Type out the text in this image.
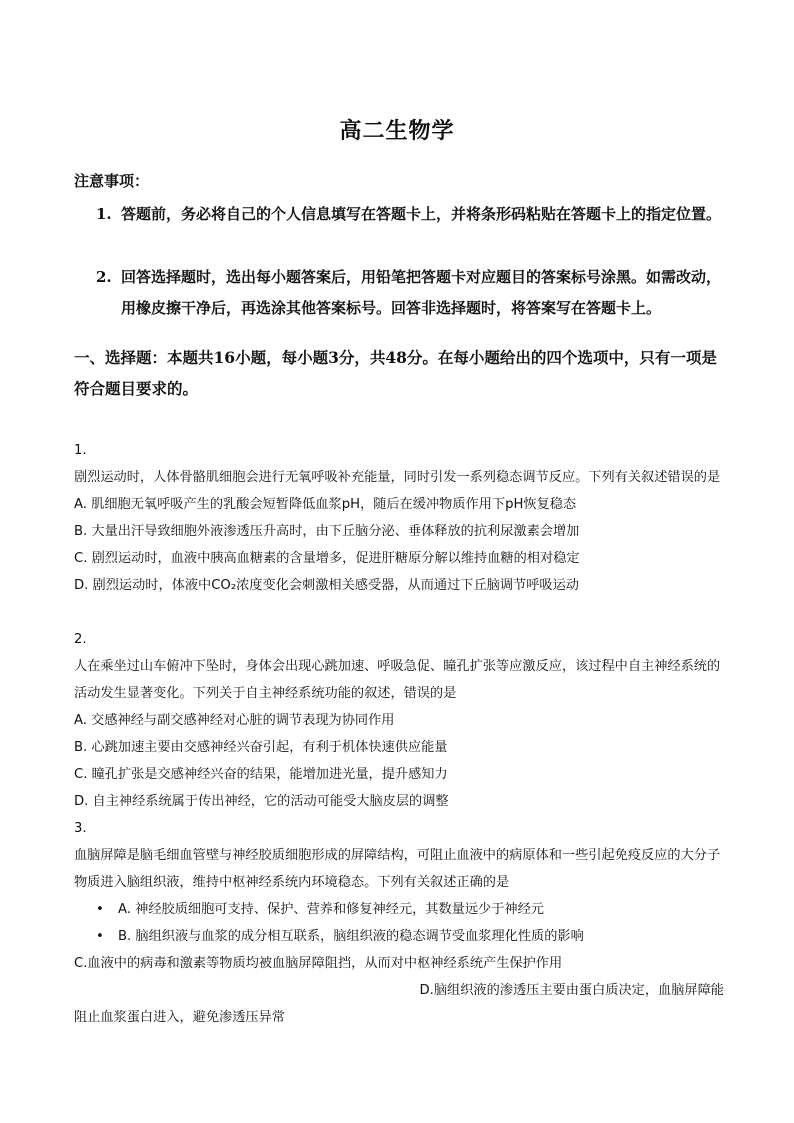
高二生物学
注意事项：
1. 答题前，务必将自己的个人信息填写在答题卡上，并将条形码粘贴在答题卡上的指定位置。
2. 回答选择题时，选出每小题答案后，用铅笔把答题卡对应题目的答案标号涂黑。如需改动，用橡皮擦干净后，再选涂其他答案标号。回答非选择题时，将答案写在答题卡上。
一、选择题：本题共16小题，每小题3分，共48分。在每小题给出的四个选项中，只有一项是符合题目要求的。
1.
剧烈运动时，人体骨骼肌细胞会进行无氧呼吸补充能量，同时引发一系列稳态调节反应。下列有关叙述错误的是
A. 肌细胞无氧呼吸产生的乳酸会短暂降低血浆pH，随后在缓冲物质作用下pH恢复稳态
B. 大量出汗导致细胞外液渗透压升高时，由下丘脑分泌、垂体释放的抗利尿激素会增加
C. 剧烈运动时，血液中胰高血糖素的含量增多，促进肝糖原分解以维持血糖的相对稳定
D. 剧烈运动时，体液中CO₂浓度变化会刺激相关感受器，从而通过下丘脑调节呼吸运动
2.
人在乘坐过山车俯冲下坠时，身体会出现心跳加速、呼吸急促、瞳孔扩张等应激反应，该过程中自主神经系统的活动发生显著变化。下列关于自主神经系统功能的叙述，错误的是
A. 交感神经与副交感神经对心脏的调节表现为协同作用
B. 心跳加速主要由交感神经兴奋引起，有利于机体快速供应能量
C. 瞳孔扩张是交感神经兴奋的结果，能增加进光量，提升感知力
D. 自主神经系统属于传出神经，它的活动可能受大脑皮层的调整
3.
血脑屏障是脑毛细血管壁与神经胶质细胞形成的屏障结构，可阻止血液中的病原体和一些引起免疫反应的大分子物质进入脑组织液，维持中枢神经系统内环境稳态。下列有关叙述正确的是
• A. 神经胶质细胞可支持、保护、营养和修复神经元，其数量远少于神经元
• B. 脑组织液与血浆的成分相互联系，脑组织液的稳态调节受血浆理化性质的影响
C.血液中的病毒和激素等物质均被血脑屏障阻挡，从而对中枢神经系统产生保护作用
D.脑组织液的渗透压主要由蛋白质决定，血脑屏障能
阻止血浆蛋白进入，避免渗透压异常
